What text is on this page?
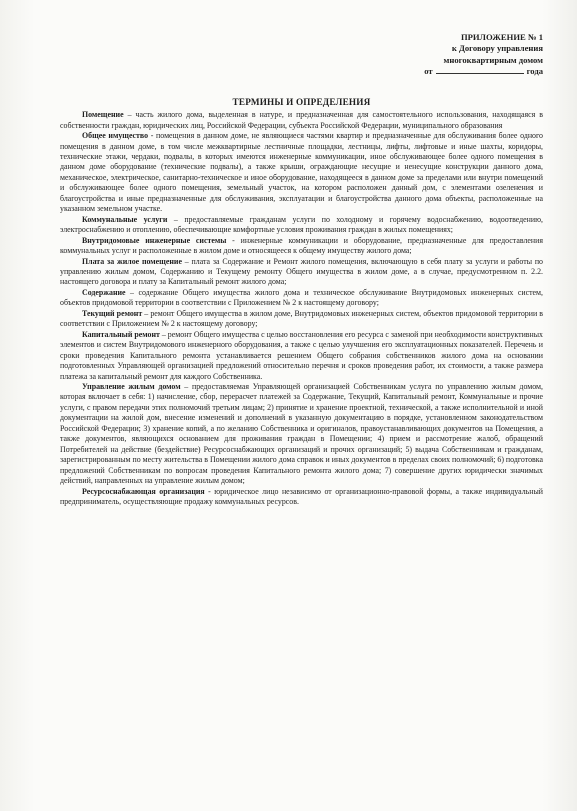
ПРИЛОЖЕНИЕ № 1
к Договору управления
многоквартирным домом
от	года
ТЕРМИНЫ И ОПРЕДЕЛЕНИЯ

Помещение – часть жилого дома, выделенная в натуре, и предназначенная для самостоятельного использования, находящаяся в собственности граждан, юридических лиц, Российской Федерации, субъекта Российской Федерации, муниципального образования

Общее имущество - помещения в данном доме, не являющиеся частями квартир и предназначенные для обслуживания более одного помещения в данном доме, в том числе межквартирные лестничные площадки, лестницы, лифты, лифтовые и иные шахты, коридоры, технические этажи, чердаки, подвалы, в которых имеются инженерные коммуникации, иное обслуживающее более одного помещения в данном доме оборудование (технические подвалы), а также крыши, ограждающие несущие и ненесущие конструкции данного дома, механическое, электрическое, санитарно-техническое и иное оборудование, находящееся в данном доме за пределами или внутри помещений и обслуживающее более одного помещения, земельный участок, на котором расположен данный дом, с элементами озеленения и благоустройства и иные предназначенные для обслуживания, эксплуатации и благоустройства данного дома объекты, расположенные на указанном земельном участке.

Коммунальные услуги – предоставляемые гражданам услуги по холодному и горячему водоснабжению, водоотведению, электроснабжению и отоплению, обеспечивающие комфортные условия проживания граждан в жилых помещениях;

Внутридомовые инженерные системы - инженерные коммуникации и оборудование, предназначенные для предоставления коммунальных услуг и расположенные в жилом доме и относящееся к общему имуществу жилого дома;

Плата за жилое помещение – плата за Содержание и Ремонт жилого помещения, включающую в себя плату за услуги и работы по управлению жилым домом, Содержанию и Текущему ремонту Общего имущества в жилом доме, а в случае, предусмотренном п. 2.2. настоящего договора и плату за Капитальный ремонт жилого дома;

Содержание – содержание Общего имущества жилого дома и техническое обслуживание Внутридомовых инженерных систем, объектов придомовой территории в соответствии с Приложением № 2 к настоящему договору;

Текущий ремонт – ремонт Общего имущества в жилом доме, Внутридомовых инженерных систем, объектов придомовой территории в соответствии с Приложением № 2 к настоящему договору;

Капитальный ремонт – ремонт Общего имущества с целью восстановления его ресурса с заменой при необходимости конструктивных элементов и систем Внутридомового инженерного оборудования, а также с целью улучшения его эксплуатационных показателей. Перечень и сроки проведения Капитального ремонта устанавливается решением Общего собрания собственников жилого дома на основании подготовленных Управляющей организацией предложений относительно перечня и сроков проведения работ, их стоимости, а также размера платежа за капитальный ремонт для каждого Собственника.

Управление жилым домом – предоставляемая Управляющей организацией Собственникам услуга по управлению жилым домом, которая включает в себя: 1) начисление, сбор, перерасчет платежей за Содержание, Текущий, Капитальный ремонт, Коммунальные и прочие услуги, с правом передачи этих полномочий третьим лицам; 2) принятие и хранение проектной, технической, а также исполнительной и иной документации на жилой дом, внесение изменений и дополнений в указанную документацию в порядке, установленном законодательством Российской Федерации; 3) хранение копий, а по желанию Собственника и оригиналов, правоустанавливающих документов на Помещения, а также документов, являющихся основанием для проживания граждан в Помещении; 4) прием и рассмотрение жалоб, обращений Потребителей на действие (бездействие) Ресурсоснабжающих организаций и прочих организаций; 5) выдача Собственникам и гражданам, зарегистрированным по месту жительства в Помещении жилого дома справок и иных документов в пределах своих полномочий; 6) подготовка предложений Собственникам по вопросам проведения Капитального ремонта жилого дома; 7) совершение других юридически значимых действий, направленных на управление жилым домом;

Ресурсоснабжающая организация - юридическое лицо независимо от организационно-правовой формы, а также индивидуальный предприниматель, осуществляющие продажу коммунальных ресурсов.
